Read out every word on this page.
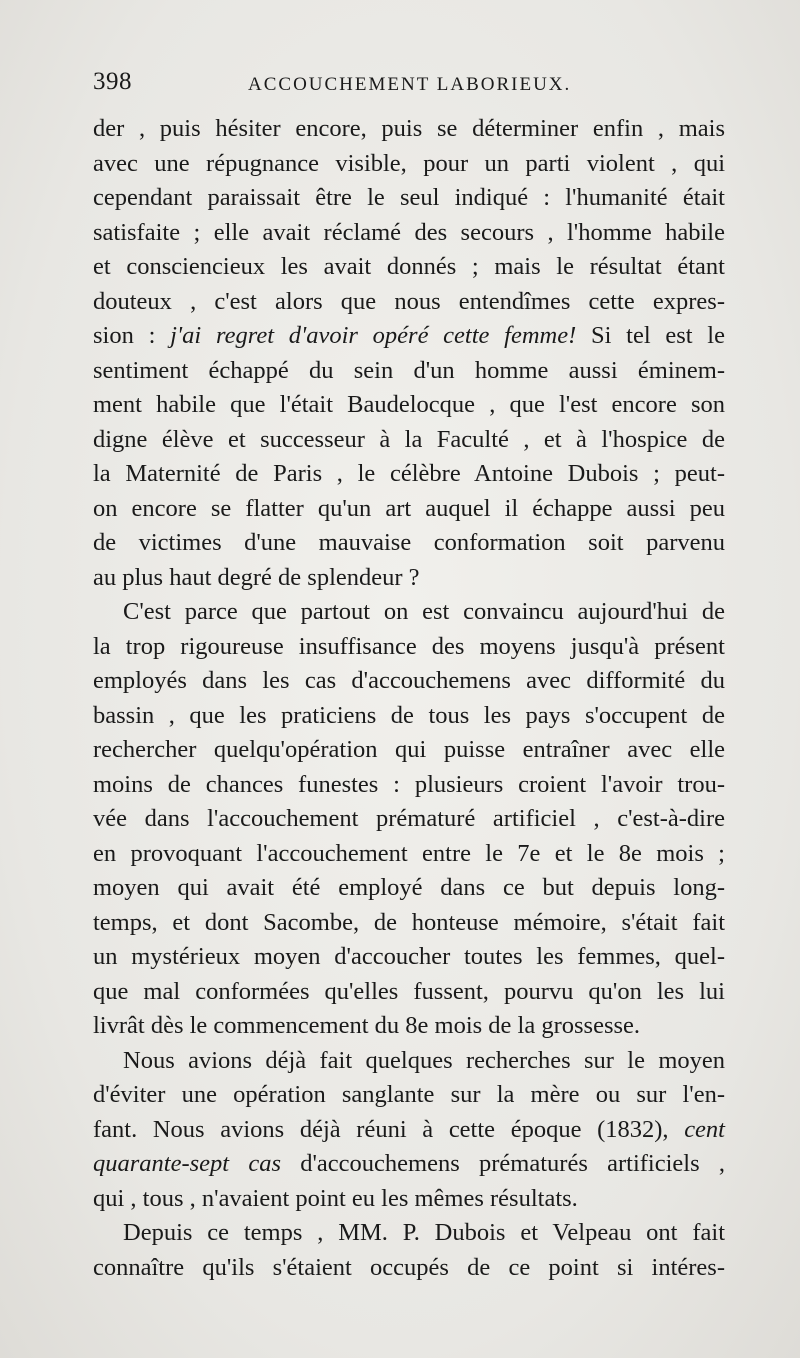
398	ACCOUCHEMENT LABORIEUX.
der , puis hésiter encore, puis se déterminer enfin , mais
avec une répugnance visible, pour un parti violent , qui
cependant paraissait être le seul indiqué : l'humanité était
satisfaite ; elle avait réclamé des secours , l'homme habile
et consciencieux les avait donnés ; mais le résultat étant
douteux , c'est alors que nous entendîmes cette expres-
sion : j'ai regret d'avoir opéré cette femme! Si tel est le
sentiment échappé du sein d'un homme aussi éminem-
ment habile que l'était Baudelocque , que l'est encore son
digne élève et successeur à la Faculté , et à l'hospice de
la Maternité de Paris , le célèbre Antoine Dubois ; peut-
on encore se flatter qu'un art auquel il échappe aussi peu
de victimes d'une mauvaise conformation soit parvenu
au plus haut degré de splendeur ?
C'est parce que partout on est convaincu aujourd'hui de
la trop rigoureuse insuffisance des moyens jusqu'à présent
employés dans les cas d'accouchemens avec difformité du
bassin , que les praticiens de tous les pays s'occupent de
rechercher quelqu'opération qui puisse entraîner avec elle
moins de chances funestes : plusieurs croient l'avoir trou-
vée dans l'accouchement prématuré artificiel , c'est-à-dire
en provoquant l'accouchement entre le 7e et le 8e mois ;
moyen qui avait été employé dans ce but depuis long-
temps, et dont Sacombe, de honteuse mémoire, s'était fait
un mystérieux moyen d'accoucher toutes les femmes, quel-
que mal conformées qu'elles fussent, pourvu qu'on les lui
livrât dès le commencement du 8e mois de la grossesse.
Nous avions déjà fait quelques recherches sur le moyen
d'éviter une opération sanglante sur la mère ou sur l'en-
fant. Nous avions déjà réuni à cette époque (1832), cent
quarante-sept cas d'accouchemens prématurés artificiels ,
qui , tous , n'avaient point eu les mêmes résultats.
Depuis ce temps , MM. P. Dubois et Velpeau ont fait
connaître qu'ils s'étaient occupés de ce point si intéres-
